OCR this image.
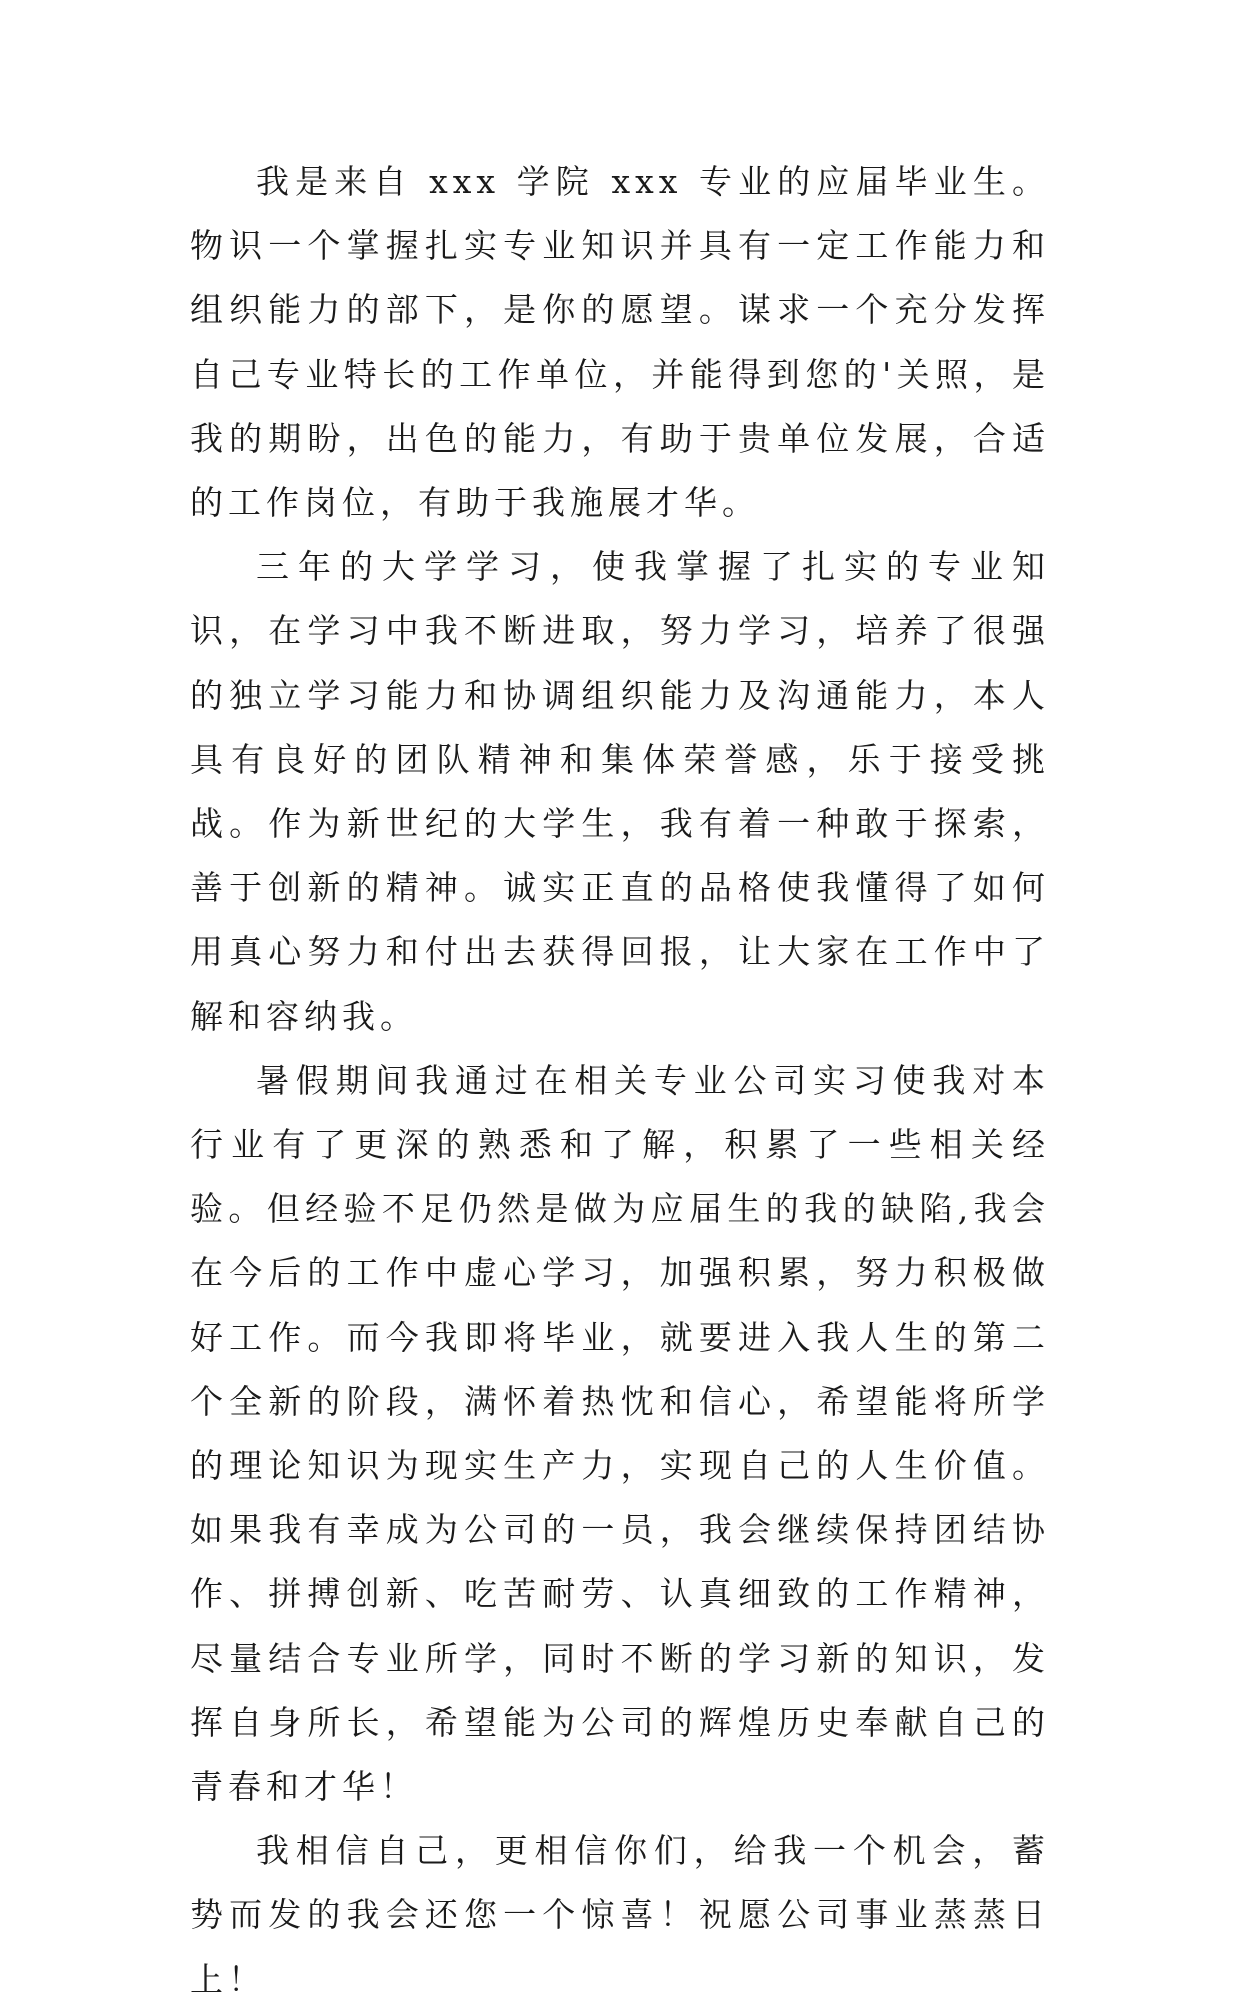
我是来自 xxx 学院 xxx 专业的应届毕业生。物识一个掌握扎实专业知识并具有一定工作能力和组织能力的部下，是你的愿望。谋求一个充分发挥自己专业特长的工作单位，并能得到您的'关照，是我的期盼，出色的能力，有助于贵单位发展，合适的工作岗位，有助于我施展才华。

三年的大学学习，使我掌握了扎实的专业知识，在学习中我不断进取，努力学习，培养了很强的独立学习能力和协调组织能力及沟通能力，本人具有良好的团队精神和集体荣誉感，乐于接受挑战。作为新世纪的大学生，我有着一种敢于探索，善于创新的精神。诚实正直的品格使我懂得了如何用真心努力和付出去获得回报，让大家在工作中了解和容纳我。

暑假期间我通过在相关专业公司实习使我对本行业有了更深的熟悉和了解，积累了一些相关经验。但经验不足仍然是做为应届生的我的缺陷,我会在今后的工作中虚心学习，加强积累，努力积极做好工作。而今我即将毕业，就要进入我人生的第二个全新的阶段，满怀着热忱和信心，希望能将所学的理论知识为现实生产力，实现自己的人生价值。如果我有幸成为公司的一员，我会继续保持团结协作、拼搏创新、吃苦耐劳、认真细致的工作精神，尽量结合专业所学，同时不断的学习新的知识，发挥自身所长，希望能为公司的辉煌历史奉献自己的青春和才华！

我相信自己，更相信你们，给我一个机会，蓄势而发的我会还您一个惊喜！祝愿公司事业蒸蒸日上！
